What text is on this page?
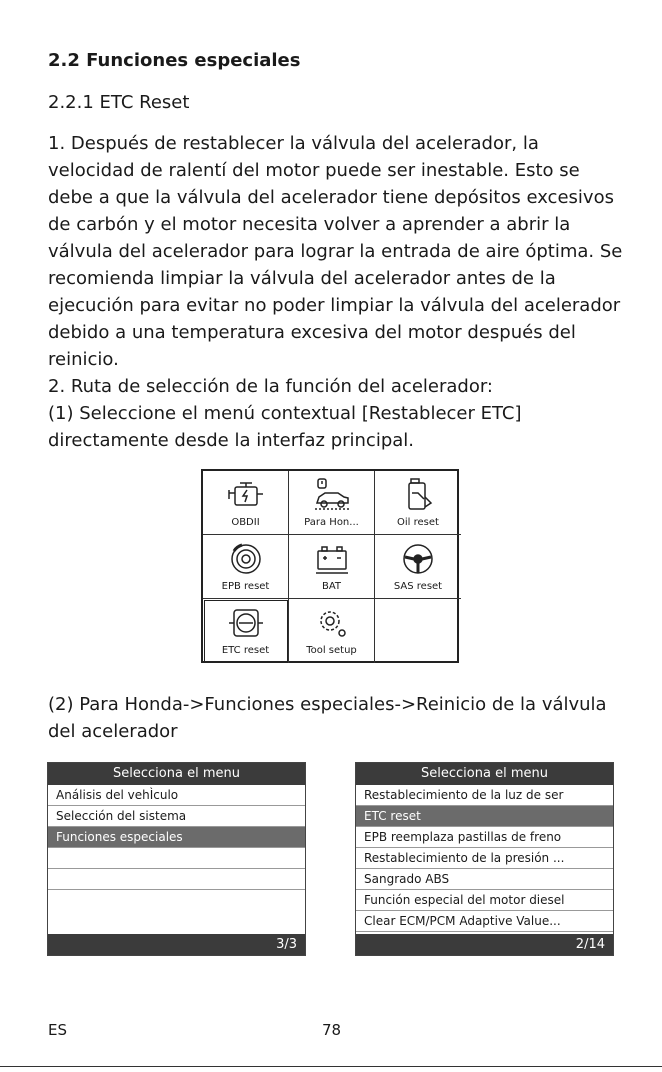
2.2 Funciones especiales
2.2.1 ETC Reset
1. Después de restablecer la válvula del acelerador, la
velocidad de ralentí del motor puede ser inestable. Esto se
debe a que la válvula del acelerador tiene depósitos excesivos
de carbón y el motor necesita volver a aprender a abrir la
válvula del acelerador para lograr la entrada de aire óptima. Se
recomienda limpiar la válvula del acelerador antes de la
ejecución para evitar no poder limpiar la válvula del acelerador
debido a una temperatura excesiva del motor después del
reinicio.
2. Ruta de selección de la función del acelerador:
(1) Seleccione el menú contextual [Restablecer ETC]
directamente desde la interfaz principal.
OBDII	Para Hon...	Oil reset
EPB reset	BAT	SAS reset
ETC reset	Tool setup
(2) Para Honda->Funciones especiales->Reinicio de la válvula
del acelerador
Selecciona el menu
Análisis del vehÌculo
Selección del sistema
Funciones especiales
3/3
Selecciona el menu
Restablecimiento de la luz de ser
ETC reset
EPB reemplaza pastillas de freno
Restablecimiento de la presión ...
Sangrado ABS
Función especial del motor diesel
Clear ECM/PCM Adaptive Value...
2/14
ES	78
